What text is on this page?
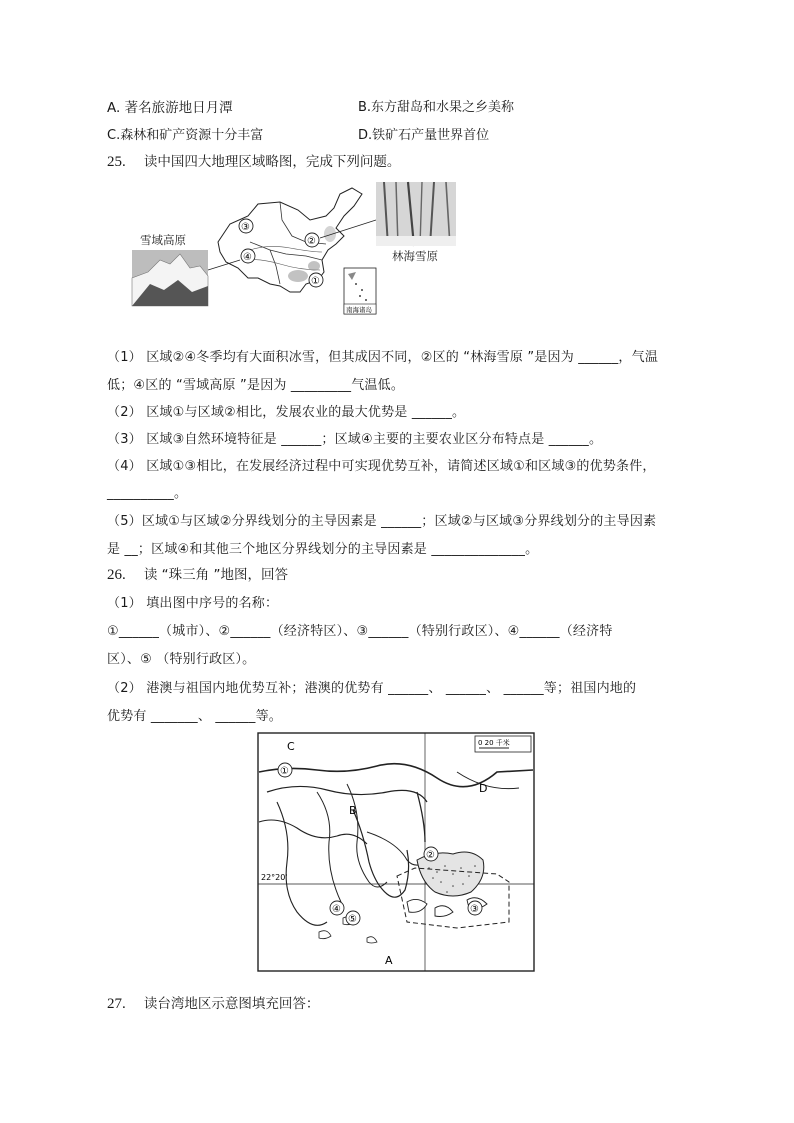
A. 著名旅游地日月潭	B.东方甜岛和水果之乡美称
C.森林和矿产资源十分丰富	D.铁矿石产量世界首位
25. 读中国四大地理区域略图，完成下列问题。
雪域高原
③
②
④
①
南海诸岛
林海雪原
（1） 区域②④冬季均有大面积冰雪，但其成因不同，②区的 “林海雪原 ”是因为 ______，气温
低；④区的 “雪域高原 ”是因为 _________气温低。
（2） 区域①与区域②相比，发展农业的最大优势是 ______。
（3） 区域③自然环境特征是 ______；区域④主要的主要农业区分布特点是 ______。
（4） 区域①③相比，在发展经济过程中可实现优势互补，请简述区域①和区域③的优势条件，
__________。
（5）区域①与区域②分界线划分的主导因素是 ______；区域②与区域③分界线划分的主导因素
是 __；区域④和其他三个地区分界线划分的主导因素是 ______________。
26. 读 “珠三角 ”地图，回答
（1） 填出图中序号的名称：
①______（城市）、②______（经济特区）、③______（特别行政区）、④______（经济特
区）、⑤ （特别行政区）。
（2） 港澳与祖国内地优势互补；港澳的优势有 ______、 ______、 ______等；祖国内地的
优势有 _______、 ______等。
22°20'
0 20 千米
C
D
B
A
①
②
③
④
⑤
27. 读台湾地区示意图填充回答：
